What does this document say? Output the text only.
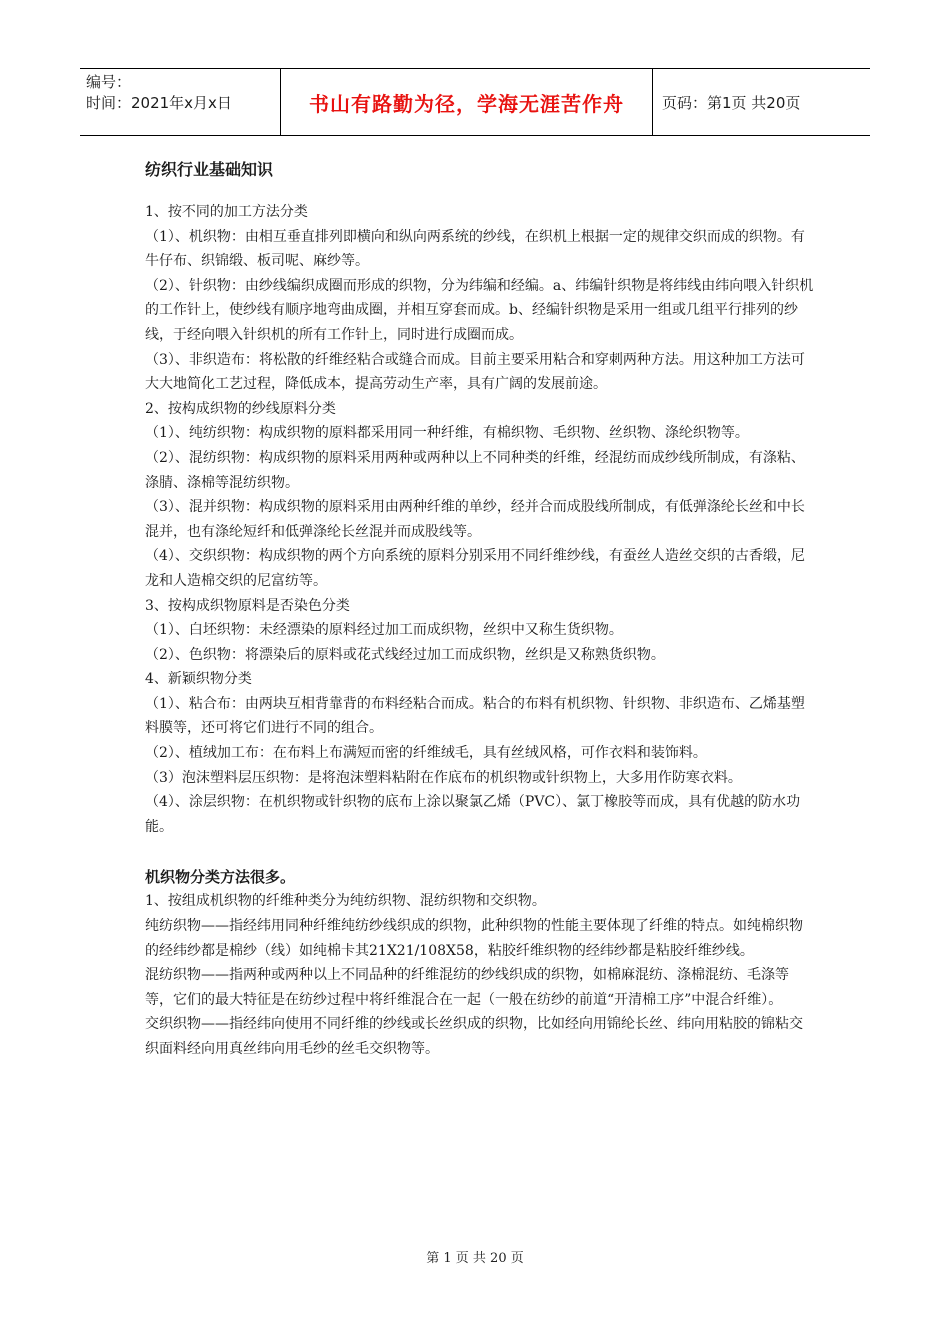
编号：
时间：2021年x月x日	书山有路勤为径，学海无涯苦作舟	页码：第1页 共20页
纺织行业基础知识

1、按不同的加工方法分类

（1）、机织物：由相互垂直排列即横向和纵向两系统的纱线，在织机上根据一定的规律交织而成的织物。有牛仔布、织锦缎、板司呢、麻纱等。

（2）、针织物：由纱线编织成圈而形成的织物，分为纬编和经编。a、纬编针织物是将纬线由纬向喂入针织机的工作针上，使纱线有顺序地弯曲成圈，并相互穿套而成。b、经编针织物是采用一组或几组平行排列的纱线，于经向喂入针织机的所有工作针上，同时进行成圈而成。

（3）、非织造布：将松散的纤维经粘合或缝合而成。目前主要采用粘合和穿刺两种方法。用这种加工方法可大大地简化工艺过程，降低成本，提高劳动生产率，具有广阔的发展前途。

2、按构成织物的纱线原料分类

（1）、纯纺织物：构成织物的原料都采用同一种纤维，有棉织物、毛织物、丝织物、涤纶织物等。

（2）、混纺织物：构成织物的原料采用两种或两种以上不同种类的纤维，经混纺而成纱线所制成，有涤粘、涤腈、涤棉等混纺织物。

（3）、混并织物：构成织物的原料采用由两种纤维的单纱，经并合而成股线所制成，有低弹涤纶长丝和中长混并，也有涤纶短纤和低弹涤纶长丝混并而成股线等。

（4）、交织织物：构成织物的两个方向系统的原料分别采用不同纤维纱线，有蚕丝人造丝交织的古香缎，尼龙和人造棉交织的尼富纺等。

3、按构成织物原料是否染色分类

（1）、白坯织物：未经漂染的原料经过加工而成织物，丝织中又称生货织物。

（2）、色织物：将漂染后的原料或花式线经过加工而成织物，丝织是又称熟货织物。

4、新颖织物分类

（1）、粘合布：由两块互相背靠背的布料经粘合而成。粘合的布料有机织物、针织物、非织造布、乙烯基塑料膜等，还可将它们进行不同的组合。

（2）、植绒加工布：在布料上布满短而密的纤维绒毛，具有丝绒风格，可作衣料和装饰料。

（3）泡沫塑料层压织物：是将泡沫塑料粘附在作底布的机织物或针织物上，大多用作防寒衣料。

（4）、涂层织物：在机织物或针织物的底布上涂以聚氯乙烯（PVC）、氯丁橡胶等而成，具有优越的防水功能。

机织物分类方法很多。

1、按组成机织物的纤维种类分为纯纺织物、混纺织物和交织物。

纯纺织物——指经纬用同种纤维纯纺纱线织成的织物，此种织物的性能主要体现了纤维的特点。如纯棉织物的经纬纱都是棉纱（线）如纯棉卡其21X21/108X58，粘胶纤维织物的经纬纱都是粘胶纤维纱线。

混纺织物——指两种或两种以上不同品种的纤维混纺的纱线织成的织物，如棉麻混纺、涤棉混纺、毛涤等等，它们的最大特征是在纺纱过程中将纤维混合在一起（一般在纺纱的前道“开清棉工序”中混合纤维）。

交织织物——指经纬向使用不同纤维的纱线或长丝织成的织物，比如经向用锦纶长丝、纬向用粘胶的锦粘交织面料经向用真丝纬向用毛纱的丝毛交织物等。

第 1 页 共 20 页
